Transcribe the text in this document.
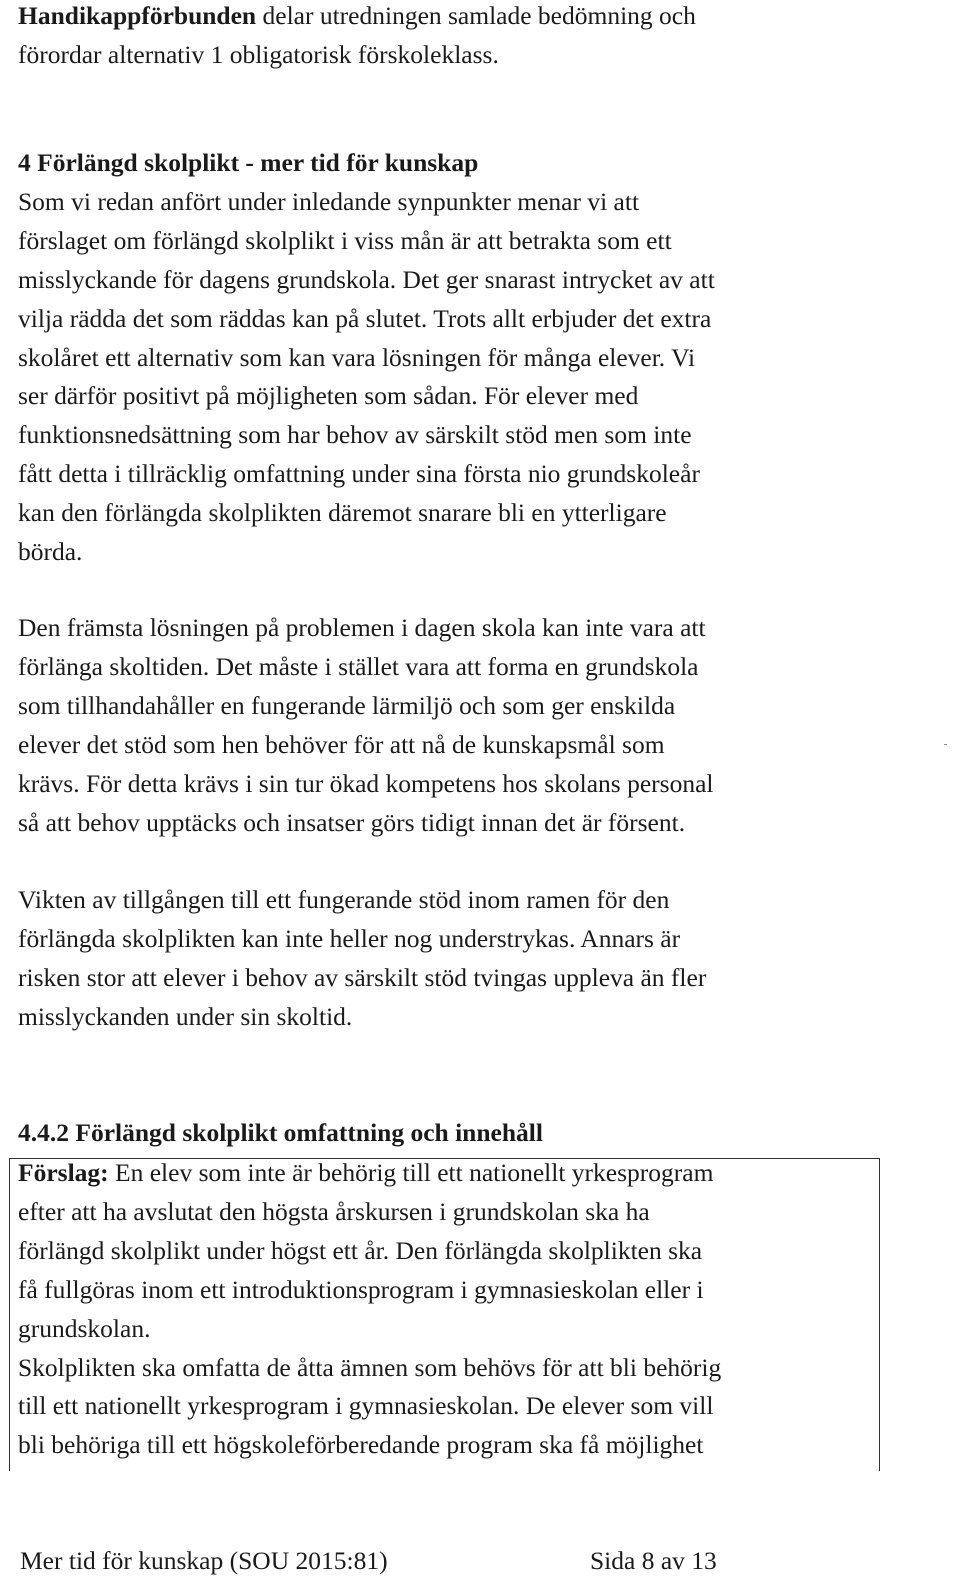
Handikappförbunden delar utredningen samlade bedömning och

förordar alternativ 1 obligatorisk förskoleklass.

4 Förlängd skolplikt - mer tid för kunskap

Som vi redan anfört under inledande synpunkter menar vi att

förslaget om förlängd skolplikt i viss mån är att betrakta som ett

misslyckande för dagens grundskola. Det ger snarast intrycket av att

vilja rädda det som räddas kan på slutet. Trots allt erbjuder det extra

skolåret ett alternativ som kan vara lösningen för många elever. Vi

ser därför positivt på möjligheten som sådan. För elever med

funktionsnedsättning som har behov av särskilt stöd men som inte

fått detta i tillräcklig omfattning under sina första nio grundskoleår

kan den förlängda skolplikten däremot snarare bli en ytterligare

börda.

Den främsta lösningen på problemen i dagen skola kan inte vara att

förlänga skoltiden. Det måste i stället vara att forma en grundskola

som tillhandahåller en fungerande lärmiljö och som ger enskilda

elever det stöd som hen behöver för att nå de kunskapsmål som

krävs. För detta krävs i sin tur ökad kompetens hos skolans personal

så att behov upptäcks och insatser görs tidigt innan det är försent.

Vikten av tillgången till ett fungerande stöd inom ramen för den

förlängda skolplikten kan inte heller nog understrykas. Annars är

risken stor att elever i behov av särskilt stöd tvingas uppleva än fler

misslyckanden under sin skoltid.

4.4.2 Förlängd skolplikt omfattning och innehåll

Förslag: En elev som inte är behörig till ett nationellt yrkesprogram

efter att ha avslutat den högsta årskursen i grundskolan ska ha

förlängd skolplikt under högst ett år. Den förlängda skolplikten ska

få fullgöras inom ett introduktionsprogram i gymnasieskolan eller i

grundskolan.

Skolplikten ska omfatta de åtta ämnen som behövs för att bli behörig

till ett nationellt yrkesprogram i gymnasieskolan. De elever som vill

bli behöriga till ett högskoleförberedande program ska få möjlighet

Mer tid för kunskap (SOU 2015:81)	Sida 8 av 13
